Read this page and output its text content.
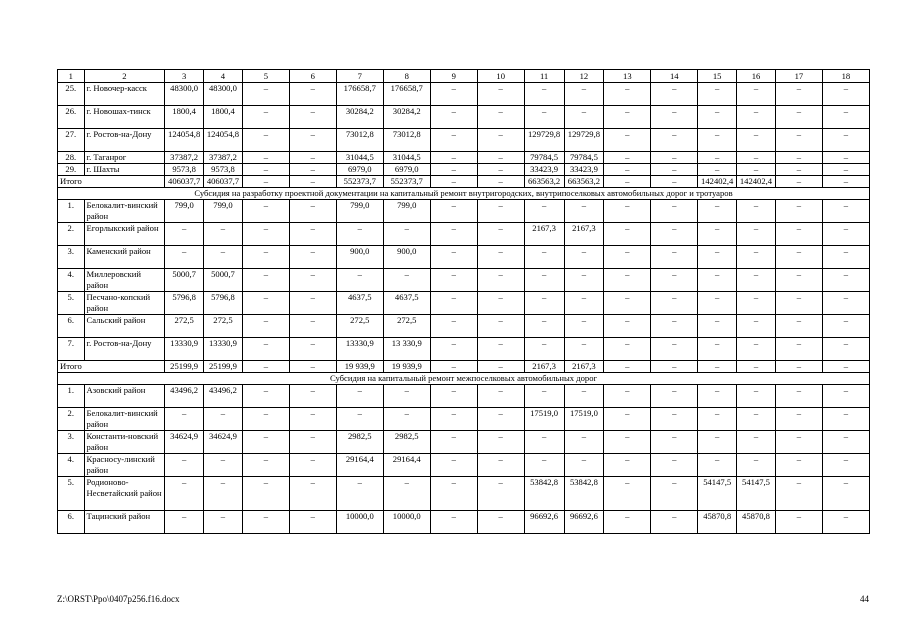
1	2	3	4	5	6	7	8	9	10	11	12	13	14	15	16	17	18
25.	г. Новочер-касск	48300,0	48300,0	–	–	176658,7	176658,7	–	–	–	–	–	–	–	–	–	–
26.	г. Новошах-тинск	1800,4	1800,4	–	–	30284,2	30284,2	–	–	–	–	–	–	–	–	–	–
27.	г. Ростов-на-Дону	124054,8	124054,8	–	–	73012,8	73012,8	–	–	129729,8	129729,8	–	–	–	–	–	–
28.	г. Таганрог	37387,2	37387,2	–	–	31044,5	31044,5	–	–	79784,5	79784,5	–	–	–	–	–	–
29.	г. Шахты	9573,8	9573,8	–	–	6979,0	6979,0	–	–	33423,9	33423,9	–	–	–	–	–	–
Итого		406037,7	406037,7	–	–	552373,7	552373,7	–	–	663563,2	663563,2	–	–	142402,4	142402,4	–	–
Субсидия на разработку проектной документации на капитальный ремонт внутригородских, внутрипоселковых автомобильных дорог и тротуаров																	
1.	Белокалит-винский район	799,0	799,0	–	–	799,0	799,0	–	–	–	–	–	–	–	–	–	–
2.	Егорлыкский район	–	–	–	–	–	–	–	–	2167,3	2167,3	–	–	–	–	–	–
3.	Каменский район	–	–	–	–	900,0	900,0	–	–	–	–	–	–	–	–	–	–
4.	Миллеровский район	5000,7	5000,7	–	–	–	–	–	–	–	–	–	–	–	–	–	–
5.	Песчано-копский район	5796,8	5796,8	–	–	4637,5	4637,5	–	–	–	–	–	–	–	–	–	–
6.	Сальский район	272,5	272,5	–	–	272,5	272,5	–	–	–	–	–	–	–	–	–	–
7.	г. Ростов-на-Дону	13330,9	13330,9	–	–	13330,9	13 330,9	–	–	–	–	–	–	–	–	–	–
Итого		25199,9	25199,9	–	–	19 939,9	19 939,9	–	–	2167,3	2167,3	–	–	–	–	–	–
Субсидия на капитальный ремонт межпоселковых автомобильных дорог																	
1.	Азовский район	43496,2	43496,2	–	–	–	–	–	–	–	–	–	–	–	–	–	–
2.	Белокалит-винский район	–	–	–	–	–	–	–	–	17519,0	17519,0	–	–	–	–	–	–
3.	Константи-новский район	34624,9	34624,9	–	–	2982,5	2982,5	–	–	–	–	–	–	–	–	–	–
4.	Красносу-линский район	–	–	–	–	29164,4	29164,4	–	–	–	–	–	–	–	–	–	–
5.	Родионово-Несветайский район	–	–	–	–	–	–	–	–	53842,8	53842,8	–	–	54147,5	54147,5	–	–
6.	Тацинский район	–	–	–	–	10000,0	10000,0	–	–	96692,6	96692,6	–	–	45870,8	45870,8	–	–
Z:\ORST\Ppo\0407p256.f16.docx	44
